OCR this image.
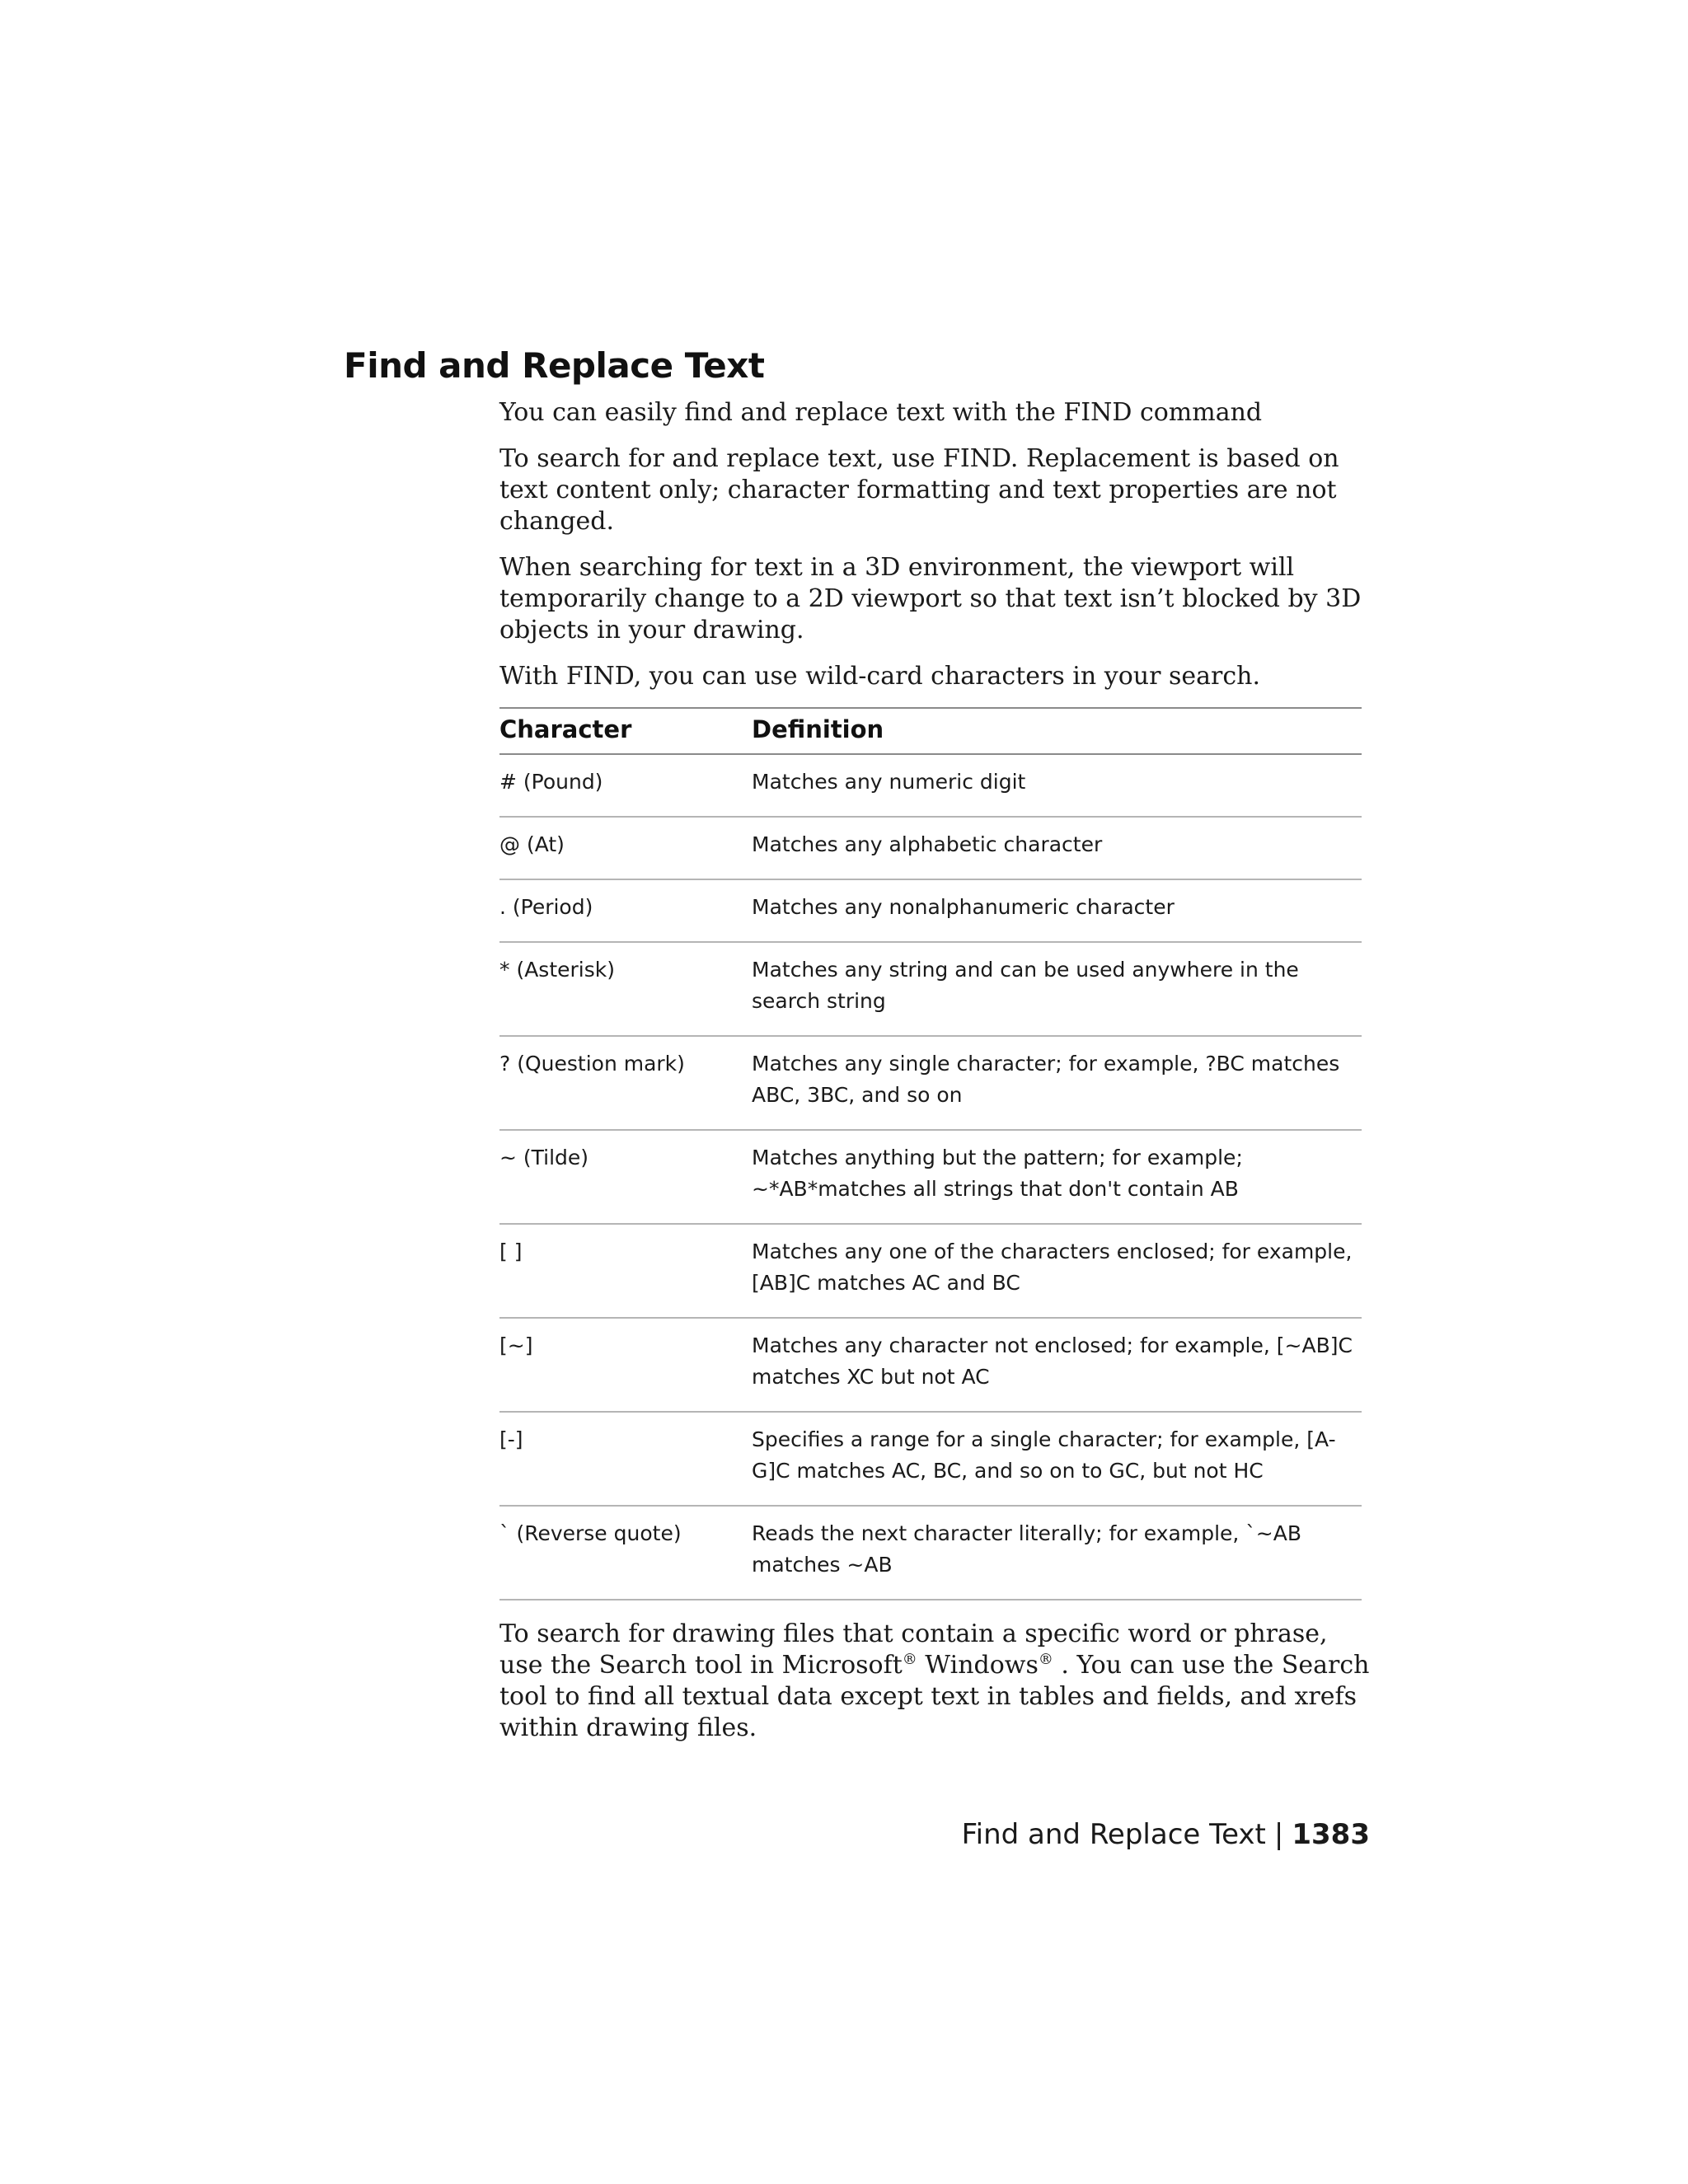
Find and Replace Text

You can easily find and replace text with the FIND command

To search for and replace text, use FIND. Replacement is based on text content only; character formatting and text properties are not changed.

When searching for text in a 3D environment, the viewport will temporarily change to a 2D viewport so that text isn’t blocked by 3D objects in your drawing.

With FIND, you can use wild-card characters in your search.

Character	Definition
# (Pound)	Matches any numeric digit
@ (At)	Matches any alphabetic character
. (Period)	Matches any nonalphanumeric character
* (Asterisk)	Matches any string and can be used anywhere in the search string
? (Question mark)	Matches any single character; for example, ?BC matches ABC, 3BC, and so on
~ (Tilde)	Matches anything but the pattern; for example; ~*AB*matches all strings that don't contain AB
[ ]	Matches any one of the characters enclosed; for example, [AB]C matches AC and BC
[~]	Matches any character not enclosed; for example, [~AB]C matches XC but not AC
[-]	Specifies a range for a single character; for example, [A-G]C matches AC, BC, and so on to GC, but not HC
` (Reverse quote)	Reads the next character literally; for example, `~AB matches ~AB

To search for drawing files that contain a specific word or phrase, use the Search tool in Microsoft® Windows® . You can use the Search tool to find all textual data except text in tables and fields, and xrefs within drawing files.

Find and Replace Text | 1383
